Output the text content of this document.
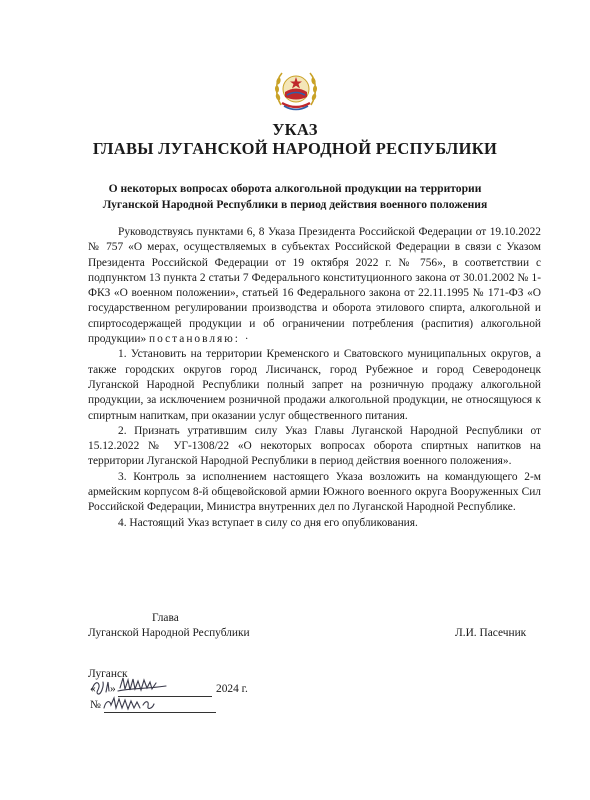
УКАЗ
ГЛАВЫ ЛУГАНСКОЙ НАРОДНОЙ РЕСПУБЛИКИ
О некоторых вопросах оборота алкогольной продукции на территории
Луганской Народной Республики в период действия военного положения

Руководствуясь пунктами 6, 8 Указа Президента Российской Федерации от 19.10.2022 № 757 «О мерах, осуществляемых в субъектах Российской Федерации в связи с Указом Президента Российской Федерации от 19 октября 2022 г. № 756», в соответствии с подпунктом 13 пункта 2 статьи 7 Федерального конституционного закона от 30.01.2002 № 1-ФКЗ «О военном положении», статьей 16 Федерального закона от 22.11.1995 № 171-ФЗ «О государственном регулировании производства и оборота этилового спирта, алкогольной и спиртосодержащей продукции и об ограничении потребления (распития) алкогольной продукции» постановляю: ·

1. Установить на территории Кременского и Сватовского муниципальных округов, а также городских округов город Лисичанск, город Рубежное и город Северодонецк Луганской Народной Республики полный запрет на розничную продажу алкогольной продукции, за исключением розничной продажи алкогольной продукции, не относящуюся к спиртным напиткам, при оказании услуг общественного питания.

2. Признать утратившим силу Указ Главы Луганской Народной Республики от 15.12.2022 № УГ-1308/22 «О некоторых вопросах оборота спиртных напитков на территории Луганской Народной Республики в период действия военного положения».

3. Контроль за исполнением настоящего Указа возложить на командующего 2-м армейским корпусом 8-й общевойсковой армии Южного военного округа Вооруженных Сил Российской Федерации, Министра внутренних дел по Луганской Народной Республике.

4. Настоящий Указ вступает в силу со дня его опубликования.

Глава
Луганской Народной Республики	Л.И. Пасечник
Луганск
« »	2024 г.
№
